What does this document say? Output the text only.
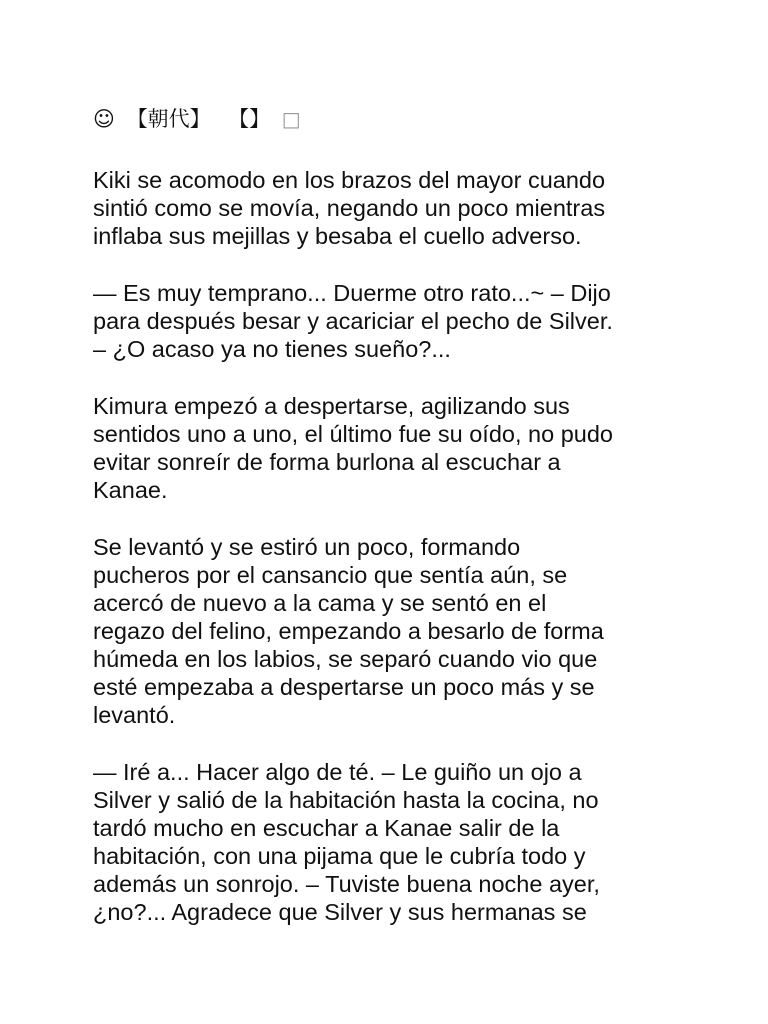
☺ 【朝代】 【】 □

Kiki se acomodo en los brazos del mayor cuando
sintió como se movía, negando un poco mientras
inflaba sus mejillas y besaba el cuello adverso.

— Es muy temprano... Duerme otro rato...~ – Dijo
para después besar y acariciar el pecho de Silver.
– ¿O acaso ya no tienes sueño?...

Kimura empezó a despertarse, agilizando sus
sentidos uno a uno, el último fue su oído, no pudo
evitar sonreír de forma burlona al escuchar a
Kanae.

Se levantó y se estiró un poco, formando
pucheros por el cansancio que sentía aún, se
acercó de nuevo a la cama y se sentó en el
regazo del felino, empezando a besarlo de forma
húmeda en los labios, se separó cuando vio que
esté empezaba a despertarse un poco más y se
levantó.

— Iré a... Hacer algo de té. – Le guiño un ojo a
Silver y salió de la habitación hasta la cocina, no
tardó mucho en escuchar a Kanae salir de la
habitación, con una pijama que le cubría todo y
además un sonrojo. – Tuviste buena noche ayer,
¿no?... Agradece que Silver y sus hermanas se
